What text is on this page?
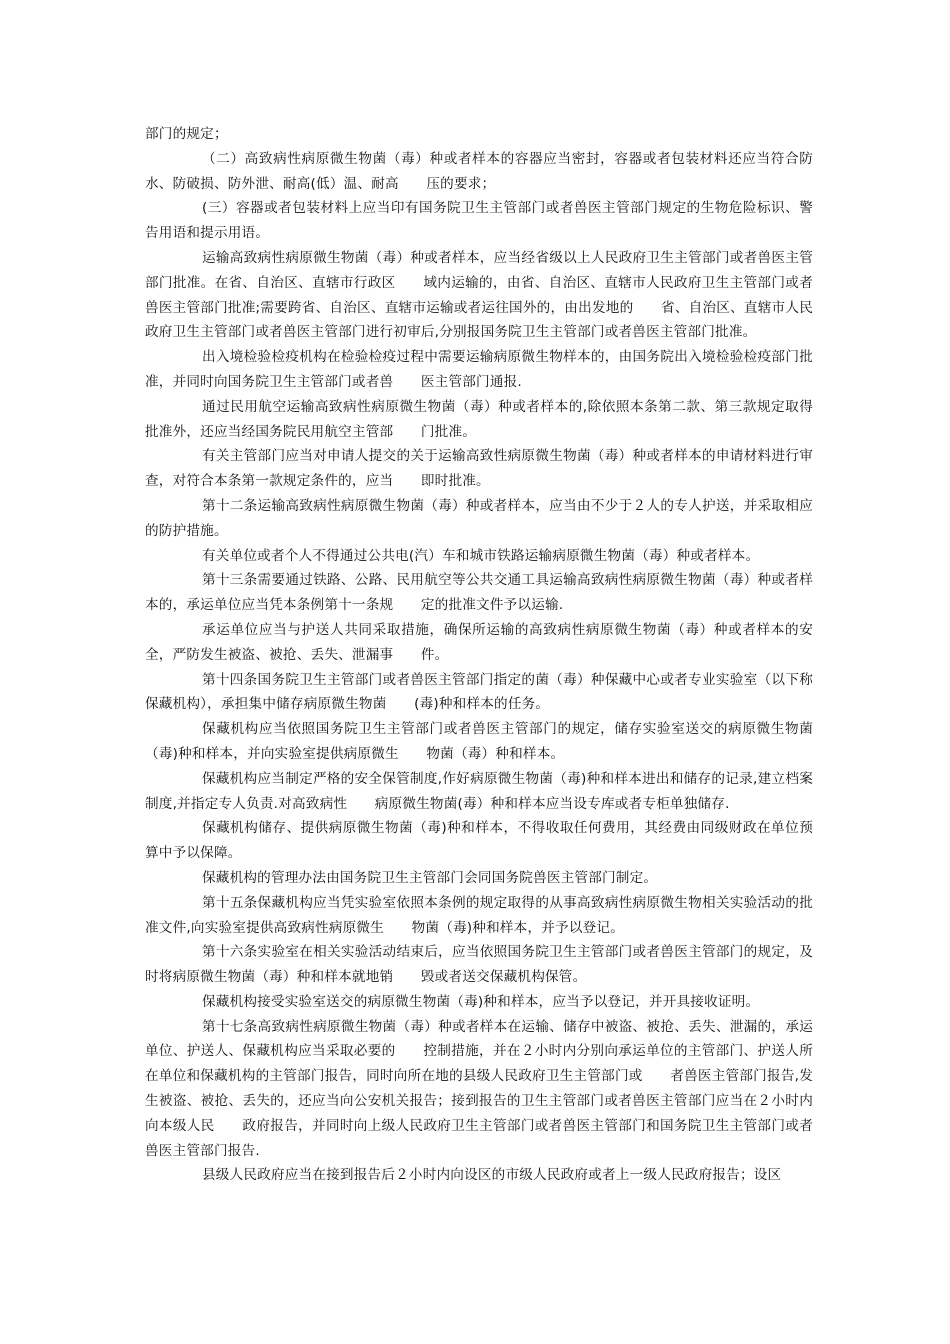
部门的规定；

（二）高致病性病原微生物菌（毒）种或者样本的容器应当密封，容器或者包装材料还应当符合防水、防破损、防外泄、耐高(低）温、耐高　　压的要求；

(三）容器或者包装材料上应当印有国务院卫生主管部门或者兽医主管部门规定的生物危险标识、警告用语和提示用语。

运输高致病性病原微生物菌（毒）种或者样本，应当经省级以上人民政府卫生主管部门或者兽医主管部门批准。在省、自治区、直辖市行政区　　域内运输的，由省、自治区、直辖市人民政府卫生主管部门或者兽医主管部门批准;需要跨省、自治区、直辖市运输或者运往国外的，由出发地的　　省、自治区、直辖市人民政府卫生主管部门或者兽医主管部门进行初审后,分别报国务院卫生主管部门或者兽医主管部门批准。

出入境检验检疫机构在检验检疫过程中需要运输病原微生物样本的，由国务院出入境检验检疫部门批准，并同时向国务院卫生主管部门或者兽　　医主管部门通报.

通过民用航空运输高致病性病原微生物菌（毒）种或者样本的,除依照本条第二款、第三款规定取得批准外，还应当经国务院民用航空主管部　　门批准。

有关主管部门应当对申请人提交的关于运输高致性病原微生物菌（毒）种或者样本的申请材料进行审查，对符合本条第一款规定条件的，应当　　即时批准。

第十二条运输高致病性病原微生物菌（毒）种或者样本，应当由不少于２人的专人护送，并采取相应的防护措施。

有关单位或者个人不得通过公共电(汽）车和城市铁路运输病原微生物菌（毒）种或者样本。

第十三条需要通过铁路、公路、民用航空等公共交通工具运输高致病性病原微生物菌（毒）种或者样本的，承运单位应当凭本条例第十一条规　　定的批准文件予以运输.

承运单位应当与护送人共同采取措施，确保所运输的高致病性病原微生物菌（毒）种或者样本的安全，严防发生被盗、被抢、丢失、泄漏事　　件。

第十四条国务院卫生主管部门或者兽医主管部门指定的菌（毒）种保藏中心或者专业实验室（以下称保藏机构），承担集中储存病原微生物菌　　(毒)种和样本的任务。

保藏机构应当依照国务院卫生主管部门或者兽医主管部门的规定，储存实验室送交的病原微生物菌（毒)种和样本，并向实验室提供病原微生　　物菌（毒）种和样本。

保藏机构应当制定严格的安全保管制度,作好病原微生物菌（毒)种和样本进出和储存的记录,建立档案制度,并指定专人负责.对高致病性　　病原微生物菌(毒）种和样本应当设专库或者专柜单独储存.

保藏机构储存、提供病原微生物菌（毒)种和样本，不得收取任何费用，其经费由同级财政在单位预算中予以保障。

保藏机构的管理办法由国务院卫生主管部门会同国务院兽医主管部门制定。

第十五条保藏机构应当凭实验室依照本条例的规定取得的从事高致病性病原微生物相关实验活动的批准文件,向实验室提供高致病性病原微生　　物菌（毒)种和样本，并予以登记。

第十六条实验室在相关实验活动结束后，应当依照国务院卫生主管部门或者兽医主管部门的规定，及时将病原微生物菌（毒）种和样本就地销　　毁或者送交保藏机构保管。

保藏机构接受实验室送交的病原微生物菌（毒)种和样本，应当予以登记，并开具接收证明。

第十七条高致病性病原微生物菌（毒）种或者样本在运输、储存中被盗、被抢、丢失、泄漏的，承运单位、护送人、保藏机构应当采取必要的　　控制措施，并在２小时内分别向承运单位的主管部门、护送人所在单位和保藏机构的主管部门报告，同时向所在地的县级人民政府卫生主管部门或　　者兽医主管部门报告,发生被盗、被抢、丢失的，还应当向公安机关报告；接到报告的卫生主管部门或者兽医主管部门应当在２小时内向本级人民　　政府报告，并同时向上级人民政府卫生主管部门或者兽医主管部门和国务院卫生主管部门或者兽医主管部门报告.

县级人民政府应当在接到报告后２小时内向设区的市级人民政府或者上一级人民政府报告；设区
